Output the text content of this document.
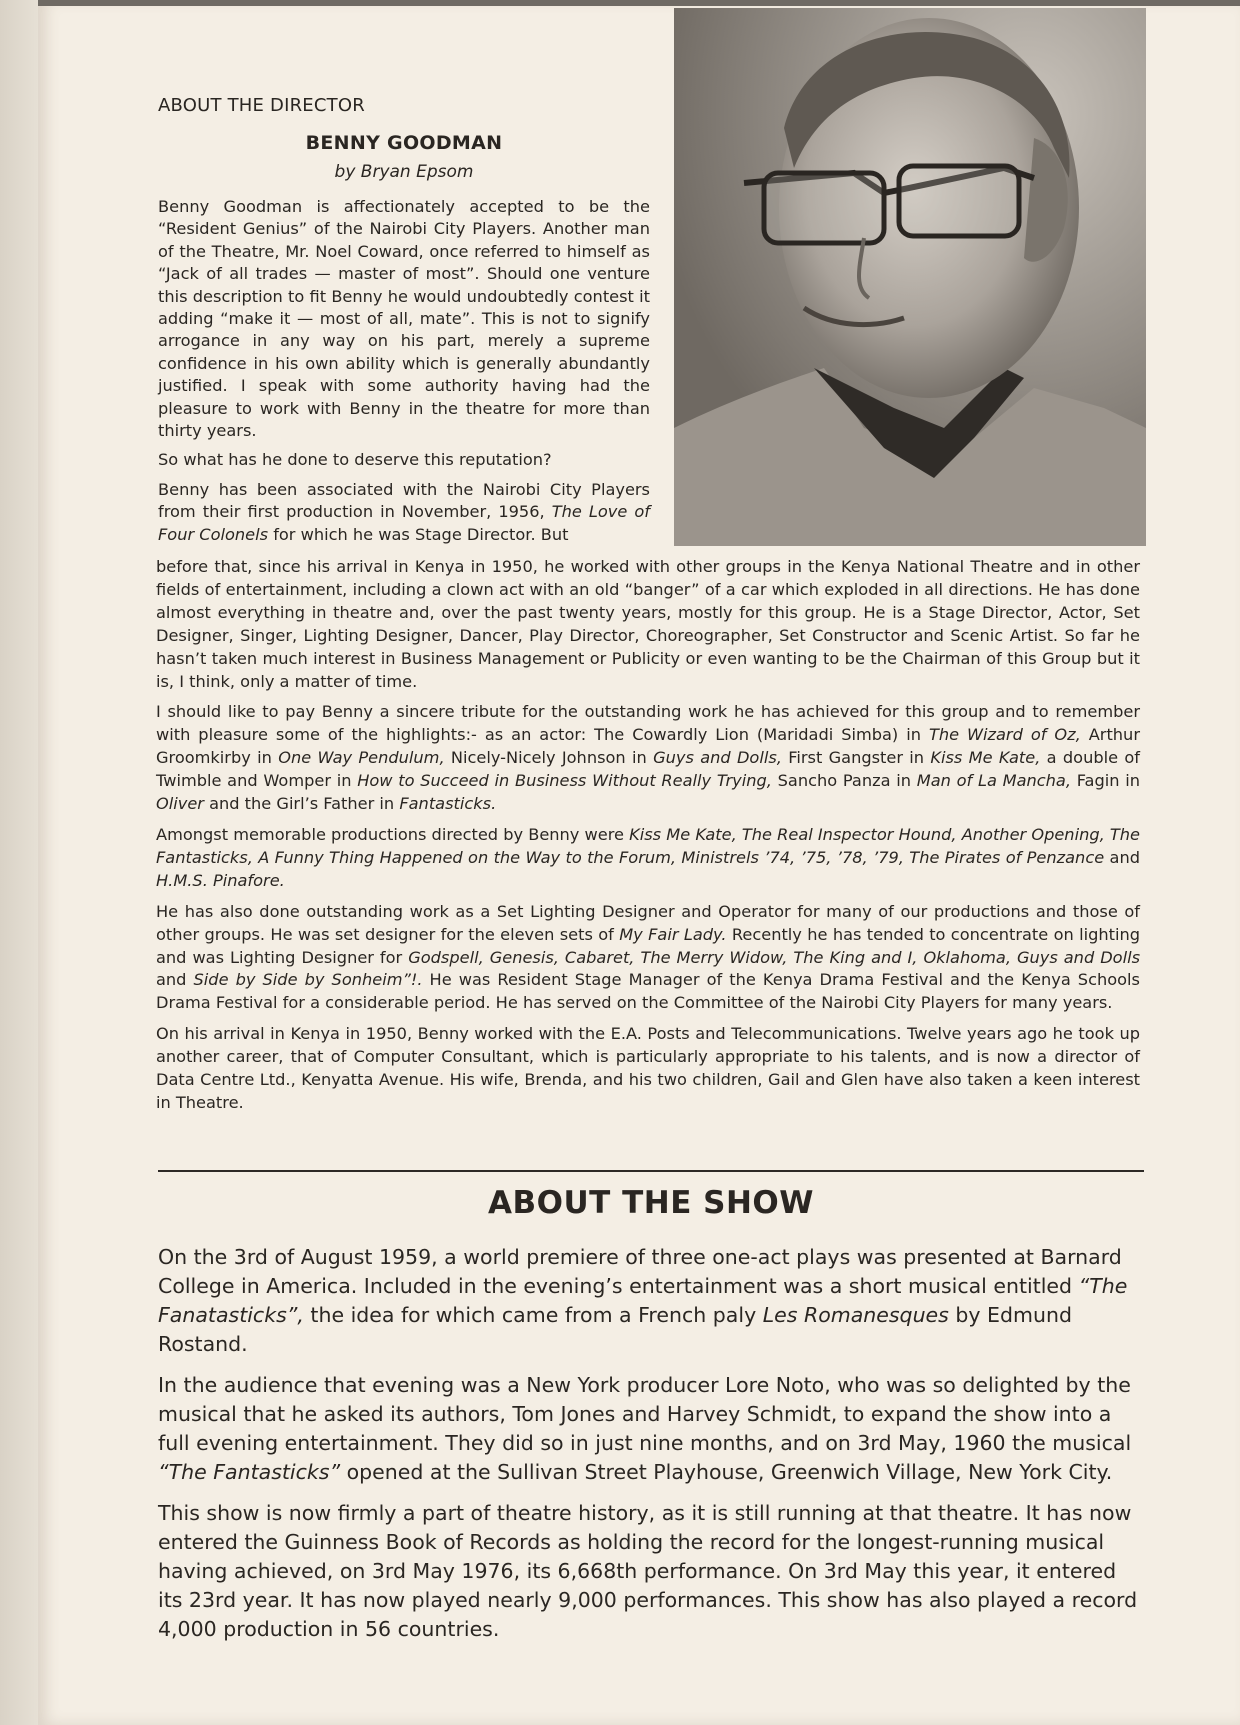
ABOUT THE DIRECTOR
BENNY GOODMAN
by Bryan Epsom

Benny Goodman is affectionately accepted to be the “Resident Genius” of the Nairobi City Players. Another man of the Theatre, Mr. Noel Coward, once referred to himself as “Jack of all trades — master of most”. Should one venture this description to fit Benny he would undoubtedly contest it adding “make it — most of all, mate”. This is not to signify arrogance in any way on his part, merely a supreme confidence in his own ability which is generally abundantly justified. I speak with some authority having had the pleasure to work with Benny in the theatre for more than thirty years.

So what has he done to deserve this reputation?

Benny has been associated with the Nairobi City Players from their first production in November, 1956, The Love of Four Colonels for which he was Stage Director. But

before that, since his arrival in Kenya in 1950, he worked with other groups in the Kenya National Theatre and in other fields of entertainment, including a clown act with an old “banger” of a car which exploded in all directions. He has done almost everything in theatre and, over the past twenty years, mostly for this group. He is a Stage Director, Actor, Set Designer, Singer, Lighting Designer, Dancer, Play Director, Choreographer, Set Constructor and Scenic Artist. So far he hasn’t taken much interest in Business Management or Publicity or even wanting to be the Chairman of this Group but it is, I think, only a matter of time.

I should like to pay Benny a sincere tribute for the outstanding work he has achieved for this group and to remember with pleasure some of the highlights:- as an actor: The Cowardly Lion (Maridadi Simba) in The Wizard of Oz, Arthur Groomkirby in One Way Pendulum, Nicely-Nicely Johnson in Guys and Dolls, First Gangster in Kiss Me Kate, a double of Twimble and Womper in How to Succeed in Business Without Really Trying, Sancho Panza in Man of La Mancha, Fagin in Oliver and the Girl’s Father in Fantasticks.

Amongst memorable productions directed by Benny were Kiss Me Kate, The Real Inspector Hound, Another Opening, The Fantasticks, A Funny Thing Happened on the Way to the Forum, Ministrels ’74, ’75, ’78, ’79, The Pirates of Penzance and H.M.S. Pinafore.

He has also done outstanding work as a Set Lighting Designer and Operator for many of our productions and those of other groups. He was set designer for the eleven sets of My Fair Lady. Recently he has tended to concentrate on lighting and was Lighting Designer for Godspell, Genesis, Cabaret, The Merry Widow, The King and I, Oklahoma, Guys and Dolls and Side by Side by Sonheim”!. He was Resident Stage Manager of the Kenya Drama Festival and the Kenya Schools Drama Festival for a considerable period. He has served on the Committee of the Nairobi City Players for many years.

On his arrival in Kenya in 1950, Benny worked with the E.A. Posts and Telecommunications. Twelve years ago he took up another career, that of Computer Consultant, which is particularly appropriate to his talents, and is now a director of Data Centre Ltd., Kenyatta Avenue. His wife, Brenda, and his two children, Gail and Glen have also taken a keen interest in Theatre.

ABOUT THE SHOW

On the 3rd of August 1959, a world premiere of three one-act plays was presented at Barnard College in America. Included in the evening’s entertainment was a short musical entitled “The Fanatasticks”, the idea for which came from a French paly Les Romanesques by Edmund Rostand.

In the audience that evening was a New York producer Lore Noto, who was so delighted by the musical that he asked its authors, Tom Jones and Harvey Schmidt, to expand the show into a full evening entertainment. They did so in just nine months, and on 3rd May, 1960 the musical “The Fantasticks” opened at the Sullivan Street Playhouse, Greenwich Village, New York City.

This show is now firmly a part of theatre history, as it is still running at that theatre. It has now entered the Guinness Book of Records as holding the record for the longest-running musical having achieved, on 3rd May 1976, its 6,668th performance. On 3rd May this year, it entered its 23rd year. It has now played nearly 9,000 performances. This show has also played a record 4,000 production in 56 countries.
